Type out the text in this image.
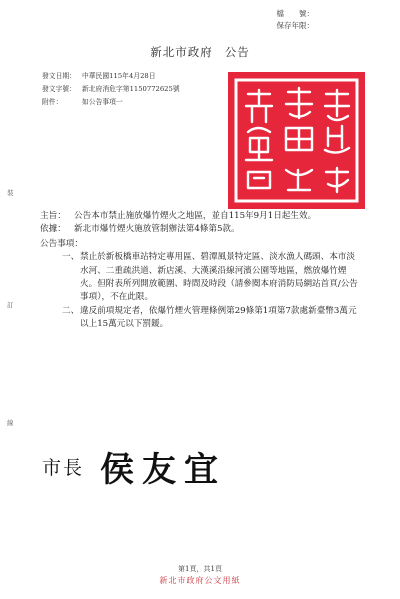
檔　　號：
保存年限：
新北市政府 公告
發文日期： 中華民國115年4月28日
發文字號： 新北府消危字第1150772625號
附件：	如公告事項一
裝
訂
線
主旨： 公告本市禁止施放爆竹煙火之地區，並自115年9月1日起生效。
依據： 新北市爆竹煙火施放管制辦法第4條第5款。
公告事項：
一、 禁止於新板橋車站特定專用區、碧潭風景特定區、淡水漁人碼頭、本市淡水河、二重疏洪道、新店溪、大漢溪沿線河濱公園等地區，燃放爆竹煙火。但附表所列開放範圍、時間及時段（請參閱本府消防局網站首頁/公告事項），不在此限。
二、 違反前項規定者，依爆竹煙火管理條例第29條第1項第7款處新臺幣3萬元以上15萬元以下罰鍰。
市長 侯友宜
第1頁，共1頁
新北市政府公文用紙
